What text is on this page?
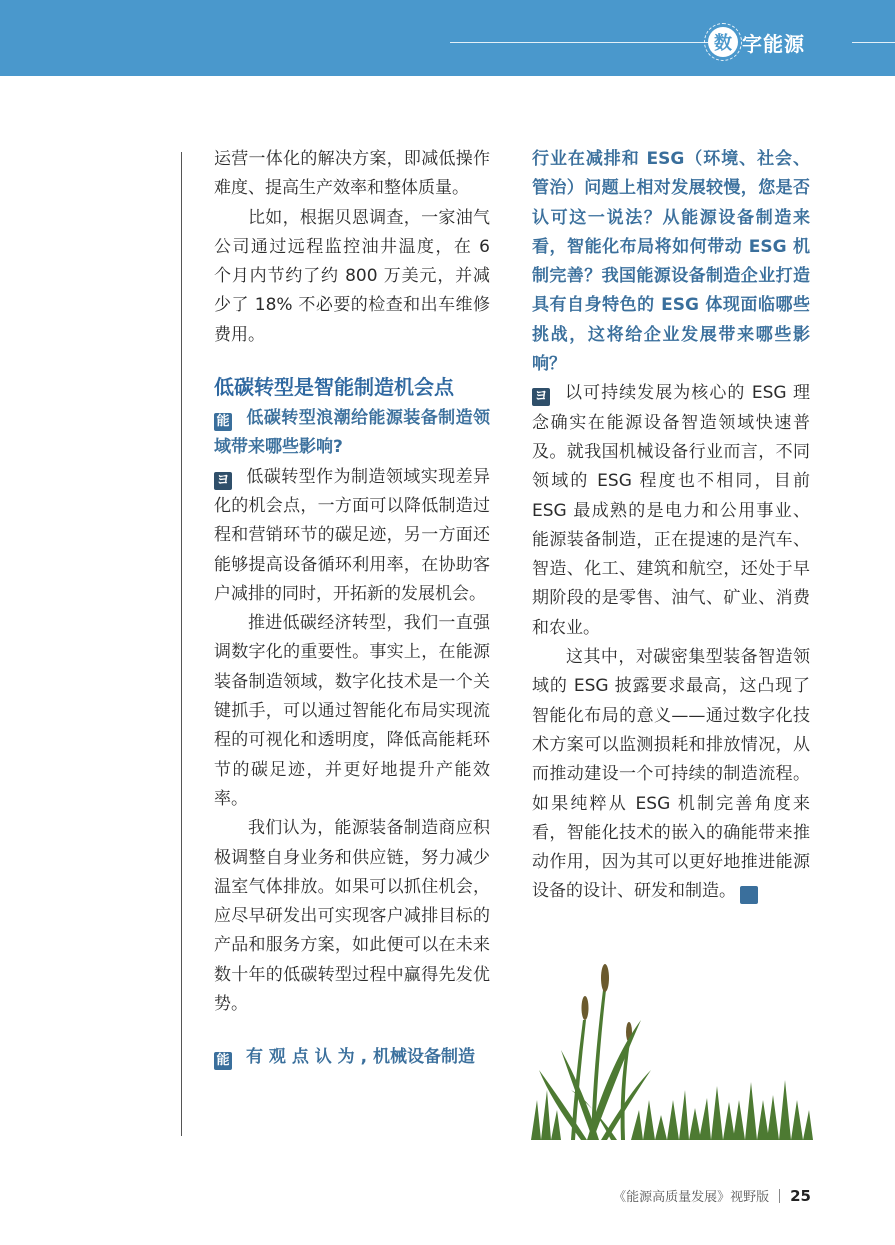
数 字能源

运营一体化的解决方案，即减低操作难度、提高生产效率和整体质量。

比如，根据贝恩调查，一家油气公司通过远程监控油井温度，在 6 个月内节约了约 800 万美元，并减少了 18% 不必要的检查和出车维修费用。

低碳转型是智能制造机会点

能 低碳转型浪潮给能源装备制造领域带来哪些影响?

ヨ 低碳转型作为制造领域实现差异化的机会点，一方面可以降低制造过程和营销环节的碳足迹，另一方面还能够提高设备循环利用率，在协助客户减排的同时，开拓新的发展机会。

推进低碳经济转型，我们一直强调数字化的重要性。事实上，在能源装备制造领域，数字化技术是一个关键抓手，可以通过智能化布局实现流程的可视化和透明度，降低高能耗环节的碳足迹，并更好地提升产能效率。

我们认为，能源装备制造商应积极调整自身业务和供应链，努力减少温室气体排放。如果可以抓住机会，应尽早研发出可实现客户减排目标的产品和服务方案，如此便可以在未来数十年的低碳转型过程中赢得先发优势。

能 有 观 点 认 为 , 机械设备制造

行业在减排和 ESG（环境、社会、管治）问题上相对发展较慢，您是否认可这一说法？从能源设备制造来看，智能化布局将如何带动 ESG 机制完善？我国能源设备制造企业打造具有自身特色的 ESG 体现面临哪些挑战，这将给企业发展带来哪些影响？

ヨ 以可持续发展为核心的 ESG 理念确实在能源设备智造领域快速普及。就我国机械设备行业而言，不同领域的 ESG 程度也不相同，目前 ESG 最成熟的是电力和公用事业、能源装备制造，正在提速的是汽车、智造、化工、建筑和航空，还处于早期阶段的是零售、油气、矿业、消费和农业。

这其中，对碳密集型装备智造领域的 ESG 披露要求最高，这凸现了智能化布局的意义——通过数字化技术方案可以监测损耗和排放情况，从而推动建设一个可持续的制造流程。如果纯粹从 ESG 机制完善角度来看，智能化技术的嵌入的确能带来推动作用，因为其可以更好地推进能源设备的设计、研发和制造。	能

《能源高质量发展》视野版 25
